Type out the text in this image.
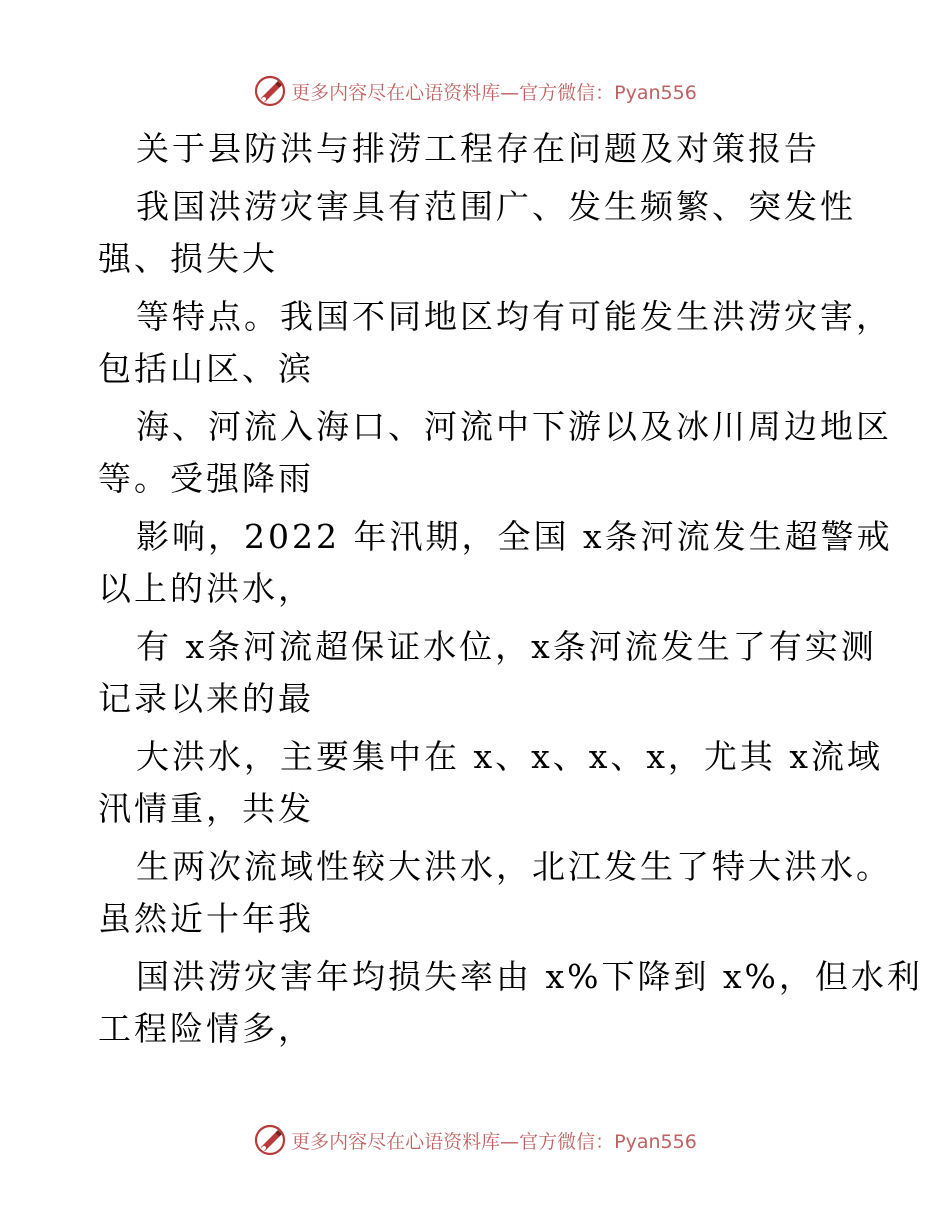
更多内容尽在心语资料库—官方微信：Pyan556
关于县防洪与排涝工程存在问题及对策报告
我国洪涝灾害具有范围广、发生频繁、突发性
强、损失大
等特点。我国不同地区均有可能发生洪涝灾害，
包括山区、滨
海、河流入海口、河流中下游以及冰川周边地区
等。受强降雨
影响，2022 年汛期，全国 x条河流发生超警戒
以上的洪水，
有 x条河流超保证水位，x条河流发生了有实测
记录以来的最
大洪水，主要集中在 x、x、x、x，尤其 x流域
汛情重，共发
生两次流域性较大洪水，北江发生了特大洪水。
虽然近十年我
国洪涝灾害年均损失率由 x%下降到 x%，但水利
工程险情多，
更多内容尽在心语资料库—官方微信：Pyan556
